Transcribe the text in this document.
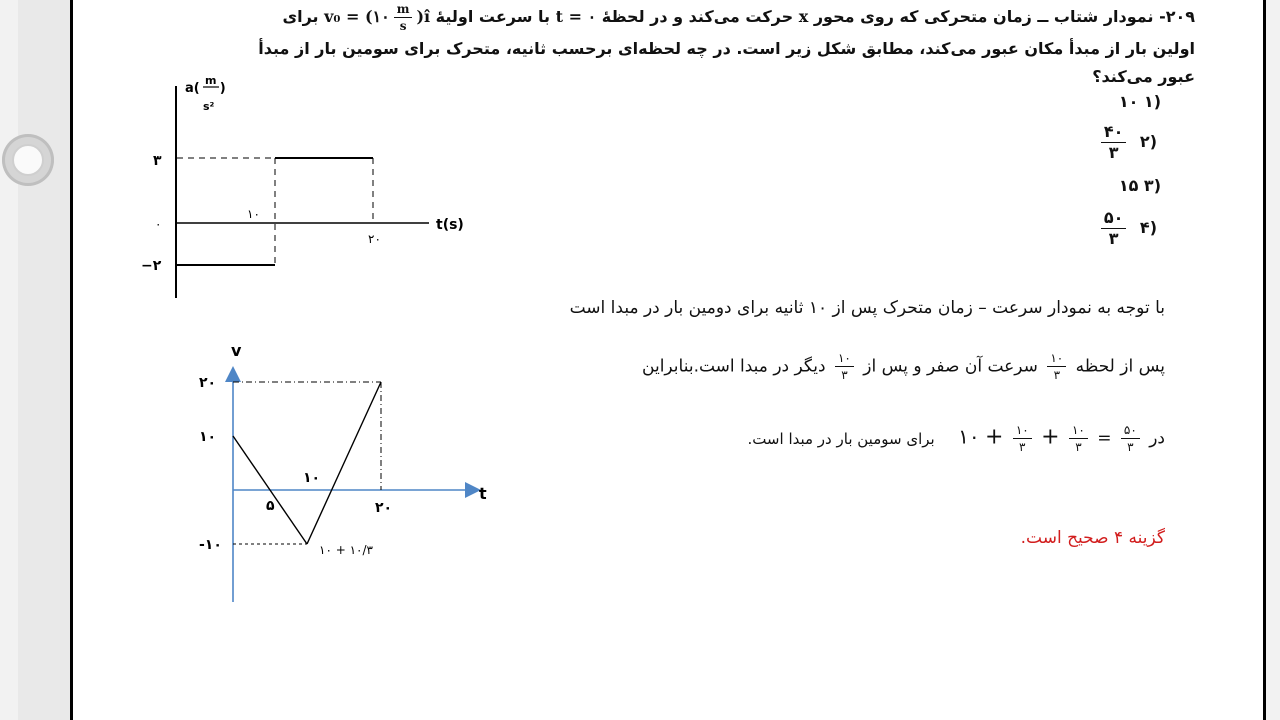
۲۰۹- نمودار شتاب ــ زمان متحرکی که روی محور x حرکت می‌کند و در لحظهٔ t = ۰ با سرعت اولیهٔ v₀ = (۱۰ $\frac{m}{s}$ )î برای
اولین بار از مبدأ مکان عبور می‌کند، مطابق شکل زیر است. در چه لحظه‌ای برحسب ثانیه، متحرک برای سومین بار از مبدأ
عبور می‌کند؟
(۱ ۱۰
(۲
$\frac{۴۰}{۳}$
(۳ ۱۵
(۴
$\frac{۵۰}{۳}$
a( )
m
s²
۳
۰
−۲
۱۰
۲۰
t(s)
با توجه به نمودار سرعت – زمان متحرک پس از ۱۰ ثانیه برای دومین بار در مبدا است
پس از لحظه
$\frac{۱۰}{۳}$
سرعت آن صفر و پس از
$\frac{۱۰}{۳}$
دیگر در مبدا است.بنابراین
در
$\frac{۵۰}{۳}$
=
$\frac{۱۰}{۳}$
+
$\frac{۱۰}{۳}$
+ ۱۰ برای سومین بار در مبدا است.
گزینه ۴ صحیح است.
v
t
۲۰
۱۰
-۱۰
۵
۱۰
۲۰
۱۰ + ۱۰/۳
